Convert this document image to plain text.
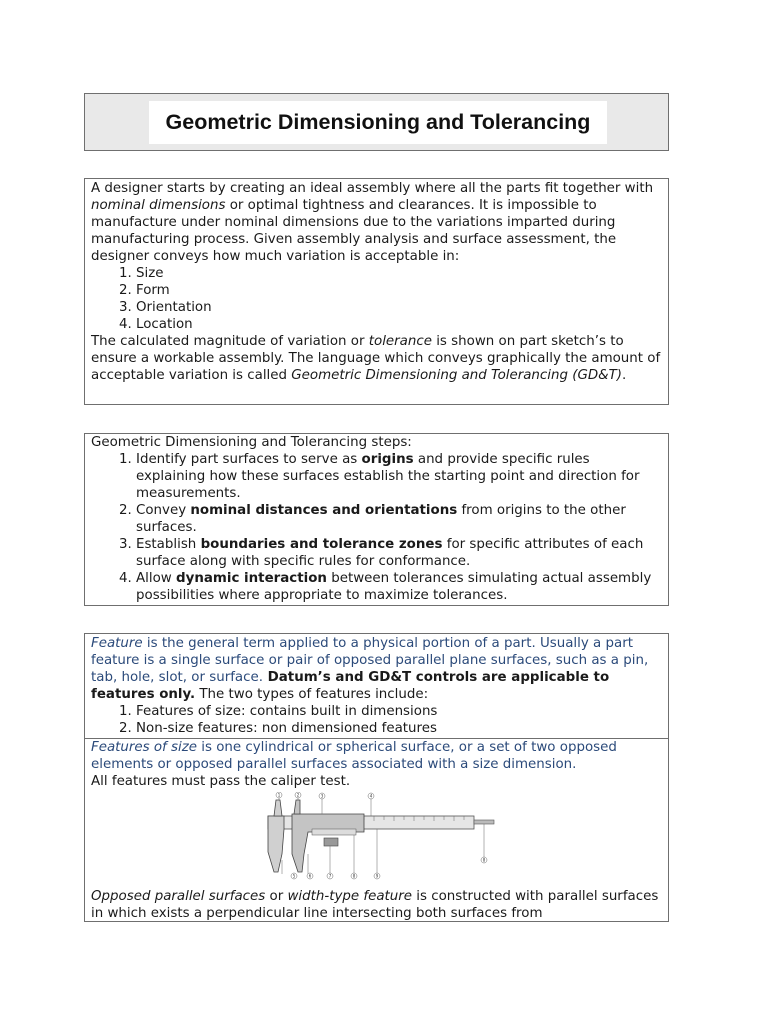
Geometric Dimensioning and Tolerancing

A designer starts by creating an ideal assembly where all the parts fit together with nominal dimensions or optimal tightness and clearances. It is impossible to manufacture under nominal dimensions due to the variations imparted during manufacturing process. Given assembly analysis and surface assessment, the designer conveys how much variation is acceptable in:

1. Size
2. Form
3. Orientation
4. Location

The calculated magnitude of variation or tolerance is shown on part sketch’s to ensure a workable assembly. The language which conveys graphically the amount of acceptable variation is called Geometric Dimensioning and Tolerancing (GD&T).

Geometric Dimensioning and Tolerancing steps:

1. Identify part surfaces to serve as origins and provide specific rules explaining how these surfaces establish the starting point and direction for measurements.
2. Convey nominal distances and orientations from origins to the other surfaces.
3. Establish boundaries and tolerance zones for specific attributes of each surface along with specific rules for conformance.
4. Allow dynamic interaction between tolerances simulating actual assembly possibilities where appropriate to maximize tolerances.

Feature is the general term applied to a physical portion of a part. Usually a part feature is a single surface or pair of opposed parallel plane surfaces, such as a pin, tab, hole, slot, or surface. Datum’s and GD&T controls are applicable to features only. The two types of features include:

1. Features of size: contains built in dimensions
2. Non-size features: non dimensioned features

Features of size is one cylindrical or spherical surface, or a set of two opposed elements or opposed parallel surfaces associated with a size dimension.

All features must pass the caliper test.

1	2	3	4
5	6	7	8	9
8

Opposed parallel surfaces or width-type feature is constructed with parallel surfaces in which exists a perpendicular line intersecting both surfaces from
